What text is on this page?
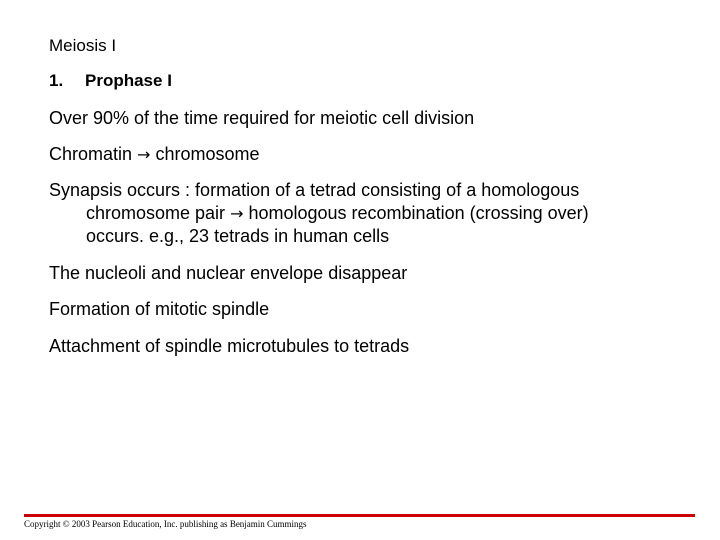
Meiosis I
1. Prophase I

Over 90% of the time required for meiotic cell division

Chromatin → chromosome

Synapsis occurs : formation of a tetrad consisting of a homologous
chromosome pair → homologous recombination (crossing over)
occurs. e.g., 23 tetrads in human cells

The nucleoli and nuclear envelope disappear

Formation of mitotic spindle

Attachment of spindle microtubules to tetrads

Copyright © 2003 Pearson Education, Inc. publishing as Benjamin Cummings
